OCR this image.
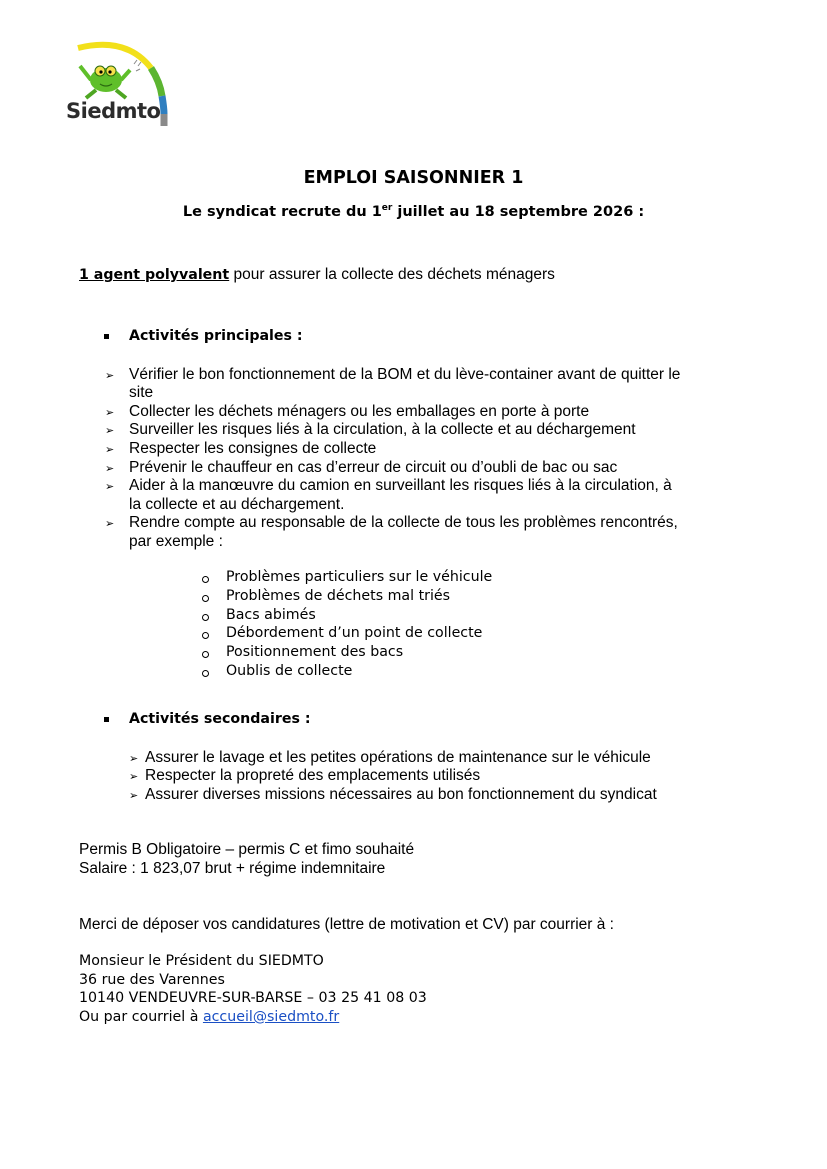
Siedmto
EMPLOI SAISONNIER 1
Le syndicat recrute du 1er juillet au 18 septembre 2026 :
1 agent polyvalent pour assurer la collecte des déchets ménagers
Activités principales :
➢ Vérifier le bon fonctionnement de la BOM et du lève-container avant de quitter le
site
➢ Collecter les déchets ménagers ou les emballages en porte à porte
➢ Surveiller les risques liés à la circulation, à la collecte et au déchargement
➢ Respecter les consignes de collecte
➢ Prévenir le chauffeur en cas d’erreur de circuit ou d’oubli de bac ou sac
➢ Aider à la manœuvre du camion en surveillant les risques liés à la circulation, à
la collecte et au déchargement.
➢ Rendre compte au responsable de la collecte de tous les problèmes rencontrés,
par exemple :
Problèmes particuliers sur le véhicule
Problèmes de déchets mal triés
Bacs abimés
Débordement d’un point de collecte
Positionnement des bacs
Oublis de collecte
Activités secondaires :
➢ Assurer le lavage et les petites opérations de maintenance sur le véhicule
➢ Respecter la propreté des emplacements utilisés
➢ Assurer diverses missions nécessaires au bon fonctionnement du syndicat
Permis B Obligatoire – permis C et fimo souhaité
Salaire : 1 823,07 brut + régime indemnitaire
Merci de déposer vos candidatures (lettre de motivation et CV) par courrier à :
Monsieur le Président du SIEDMTO
36 rue des Varennes
10140 VENDEUVRE-SUR-BARSE – 03 25 41 08 03
Ou par courriel à accueil@siedmto.fr
